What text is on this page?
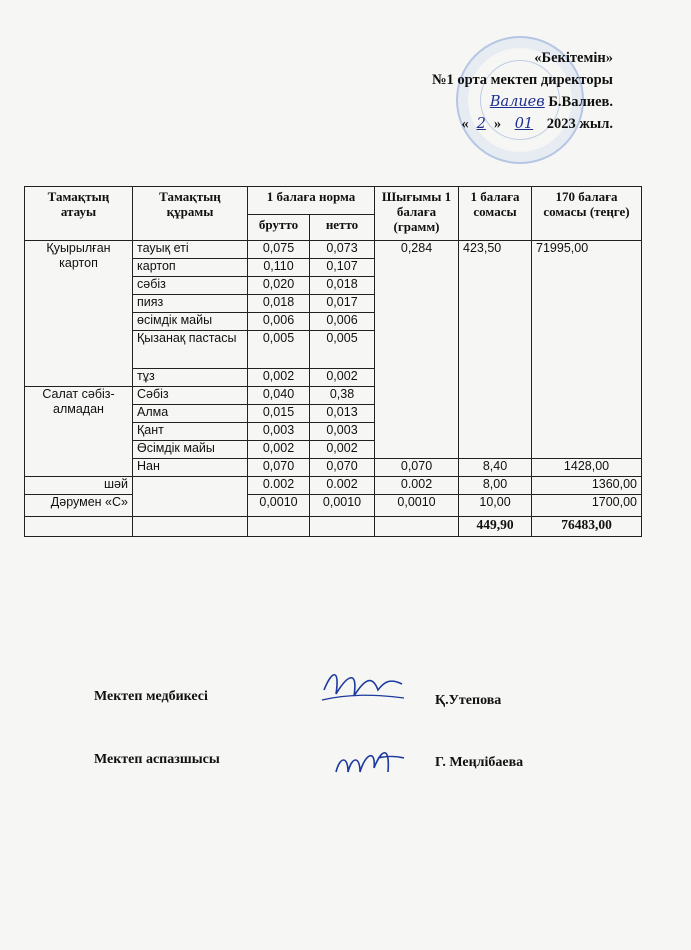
«Бекітемін»
№1 орта мектеп директоры
Валиев Б.Валиев.
« 2 » 01 2023 жыл.
Тамақтың атауы	Тамақтың құрамы	1 балаға норма		Шығымы 1 балаға (грамм)	1 балаға сомасы	170 балаға сомасы (теңге)
		брутто	нетто			
Қуырылған картоп	тауық еті	0,075	0,073	0,284	423,50	71995,00
	картоп	0,110	0,107			
	сәбіз	0,020	0,018			
	пияз	0,018	0,017			
	өсімдік майы	0,006	0,006			
	Қызанақ пастасы	0,005	0,005			
	тұз	0,002	0,002			
Салат сәбіз-алмадан	Сәбіз	0,040	0,38			
	Алма	0,015	0,013			
	Қант	0,003	0,003			
	Өсімдік майы	0,002	0,002			
	Нан	0,070	0,070	0,070	8,40	1428,00
шәй		0.002	0.002	0.002	8,00	1360,00
Дәрумен «С»		0,0010	0,0010	0,0010	10,00	1700,00
					449,90	76483,00
Мектеп медбикесі	Қ.Утепова
Мектеп аспазшысы	Г. Меңлібаева
